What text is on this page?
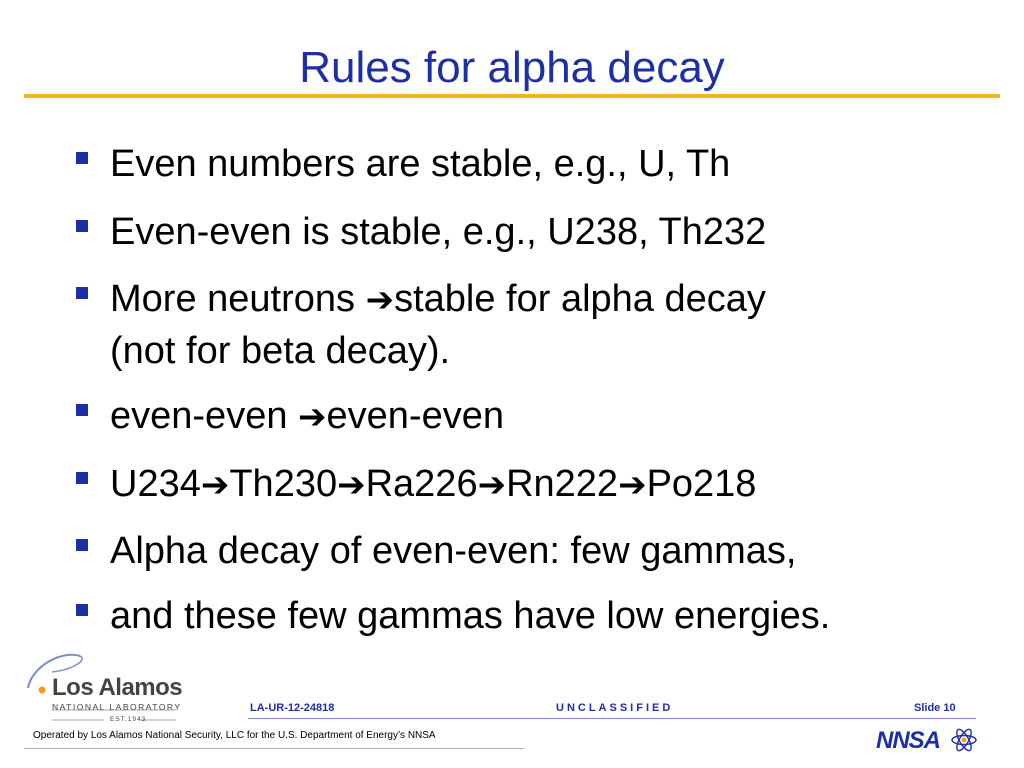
Rules for alpha decay
Even numbers are stable, e.g., U, Th
Even-even is stable, e.g., U238, Th232
More neutrons ➔stable for alpha decay
(not for beta decay).
even-even ➔even-even
U234➔Th230➔Ra226➔Rn222➔Po218
Alpha decay of even-even: few gammas,
and these few gammas have low energies.
Los Alamos
NATIONAL LABORATORY
EST.1943
LA-UR-12-24818	UNCLASSIFIED	Slide 10
Operated by Los Alamos National Security, LLC for the U.S. Department of Energy’s NNSA	NNSA
